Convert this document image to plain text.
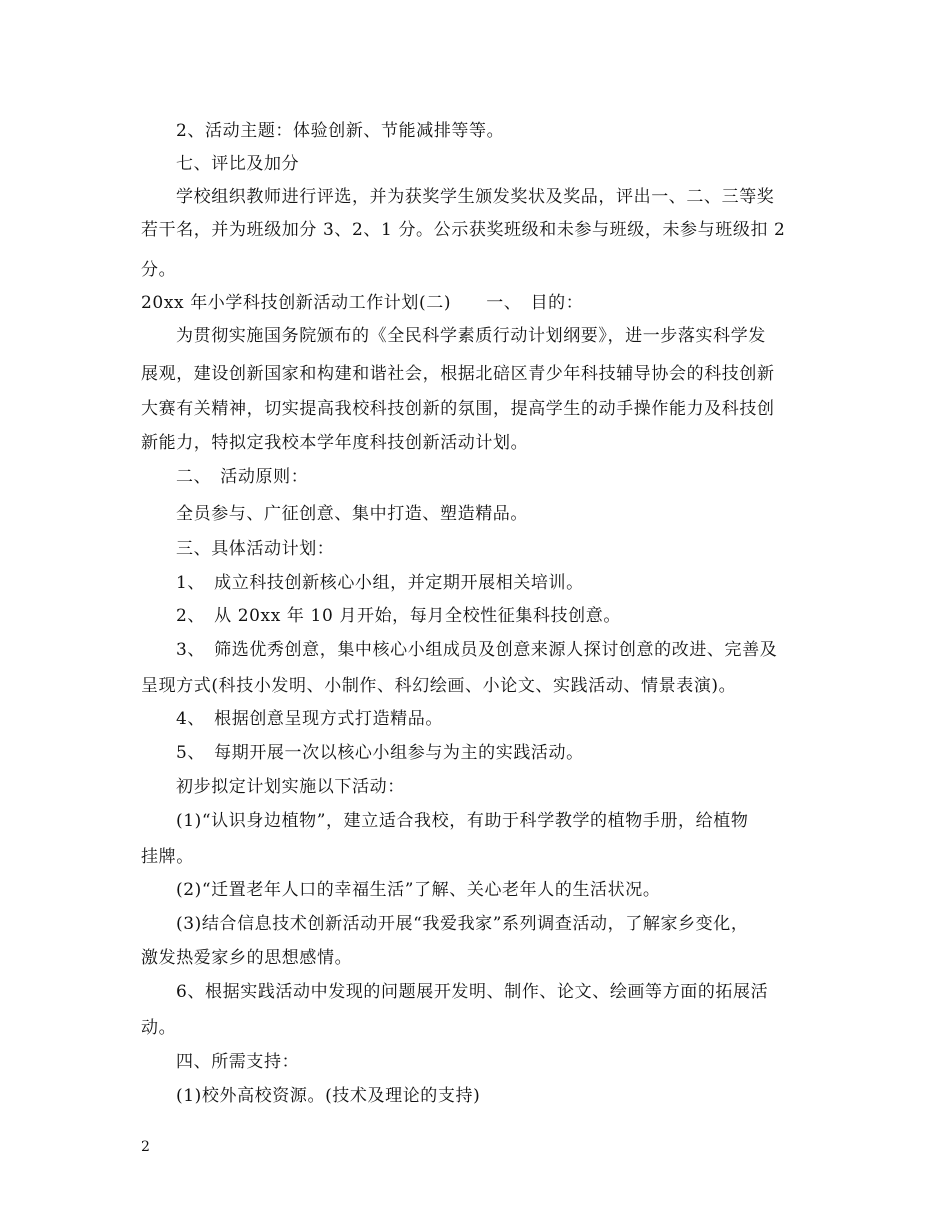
2、活动主题：体验创新、节能减排等等。
七、评比及加分
学校组织教师进行评选，并为获奖学生颁发奖状及奖品，评出一、二、三等奖
若干名，并为班级加分 3、2、1 分。公示获奖班级和未参与班级，未参与班级扣 2
分。
20xx 年小学科技创新活动工作计划(二)　　一、　目的：
为贯彻实施国务院颁布的《全民科学素质行动计划纲要》，进一步落实科学发
展观，建设创新国家和构建和谐社会，根据北碚区青少年科技辅导协会的科技创新
大赛有关精神，切实提高我校科技创新的氛围，提高学生的动手操作能力及科技创
新能力，特拟定我校本学年度科技创新活动计划。
二、　活动原则：
全员参与、广征创意、集中打造、塑造精品。
三、具体活动计划：
1、　成立科技创新核心小组，并定期开展相关培训。
2、　从 20xx 年 10 月开始，每月全校性征集科技创意。
3、　筛选优秀创意，集中核心小组成员及创意来源人探讨创意的改进、完善及
呈现方式(科技小发明、小制作、科幻绘画、小论文、实践活动、情景表演)。
4、　根据创意呈现方式打造精品。
5、　每期开展一次以核心小组参与为主的实践活动。
初步拟定计划实施以下活动：
(1)“认识身边植物”，建立适合我校，有助于科学教学的植物手册，给植物
挂牌。
(2)“迁置老年人口的幸福生活”了解、关心老年人的生活状况。
(3)结合信息技术创新活动开展“我爱我家”系列调查活动，了解家乡变化，
激发热爱家乡的思想感情。
6、根据实践活动中发现的问题展开发明、制作、论文、绘画等方面的拓展活
动。
四、所需支持：
(1)校外高校资源。(技术及理论的支持)
2
